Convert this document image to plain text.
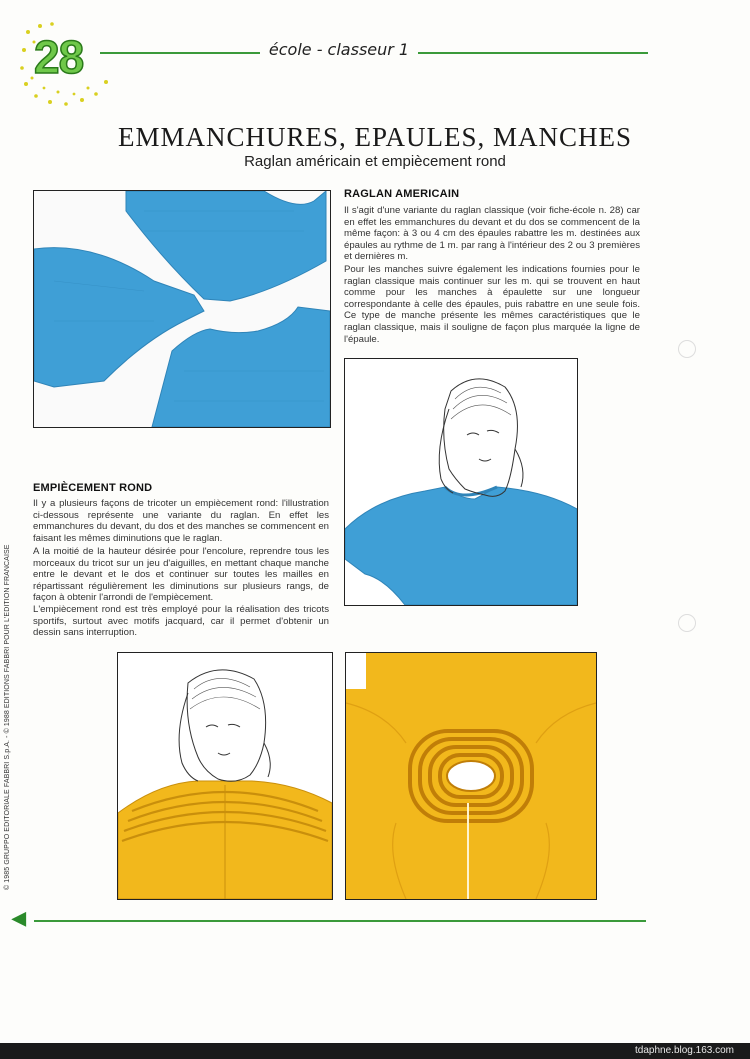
28	école - classeur 1
EMMANCHURES, EPAULES, MANCHES
Raglan américain et empiècement rond
RAGLAN AMERICAIN
Il s'agit d'une variante du raglan classique (voir fiche-école n. 28) car en effet les emmanchures du devant et du dos se commencent de la même façon: à 3 ou 4 cm des épaules rabattre les m. destinées aux épaules au rythme de 1 m. par rang à l'intérieur des 2 ou 3 premières et dernières m.
Pour les manches suivre également les indications fournies pour le raglan classique mais continuer sur les m. qui se trouvent en haut comme pour les manches à épaulette sur une longueur correspondante à celle des épaules, puis rabattre en une seule fois. Ce type de manche présente les mêmes caractéristiques que le raglan classique, mais il souligne de façon plus marquée la ligne de l'épaule.
EMPIÈCEMENT ROND
Il y a plusieurs façons de tricoter un empiècement rond: l'illustration ci-dessous représente une variante du raglan. En effet les emmanchures du devant, du dos et des manches se commencent en faisant les mêmes diminutions que le raglan.
A la moitié de la hauteur désirée pour l'encolure, reprendre tous les morceaux du tricot sur un jeu d'aiguilles, en mettant chaque manche entre le devant et le dos et continuer sur toutes les mailles en répartissant régulièrement les diminutions sur plusieurs rangs, de façon à obtenir l'arrondi de l'empiècement.
L'empiècement rond est très employé pour la réalisation des tricots sportifs, surtout avec motifs jacquard, car il permet d'obtenir un dessin sans interruption.
© 1985 GRUPPO EDITORIALE FABBRI S.p.A. - © 1988 EDITIONS FABBRI POUR L'EDITION FRANCAISE
◀
tdaphne.blog.163.com
